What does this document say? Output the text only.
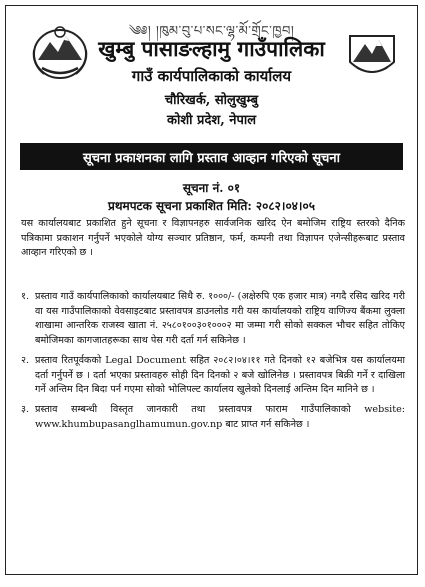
༄༅། །ཁུམ་བུ་པ་སང་ལྷ་མོ་གྲོང་ཁྱབ།
खुम्बु पासाङल्हामु गाउँपालिका
गाउँ कार्यपालिकाको कार्यालय
चौरिखर्क, सोलुखुम्बु
कोशी प्रदेश, नेपाल
सूचना प्रकाशनका लागि प्रस्ताव आव्हान गरिएको सूचना
सूचना नं. ०१
प्रथमपटक सूचना प्रकाशित मिति: २०८२।०४।०५
यस कार्यालयबाट प्रकाशित हुने सूचना र विज्ञापनहरु सार्वजनिक खरिद ऐन बमोजिम राष्ट्रिय स्तरको दैनिक पत्रिकामा प्रकाशन गर्नुपर्ने भएकोले योग्य सञ्चार प्रतिष्ठान, फर्म, कम्पनी तथा विज्ञापन एजेन्सीहरूबाट प्रस्ताव आव्हान गरिएको छ ।
१. प्रस्ताव गाउँ कार्यपालिकाको कार्यालयबाट सिधै रु. १०००/- (अक्षेरुपि एक हजार मात्र) नगदै रसिद खरिद गरी वा यस गाउँपालिकाको वेवसाइटबाट प्रस्तावपत्र डाउनलोड गरी यस कार्यालयको राष्ट्रिय वाणिज्य बैंकमा लुक्ला शाखामा आन्तरिक राजस्व खाता नं. २५८०१००३०१०००२ मा जम्मा गरी सोको सक्कल भौचर सहित तोकिए बमोजिमका कागजातहरूका साथ पेस गरी दर्ता गर्न सकिनेछ ।
२. प्रस्ताव रितपूर्वकको Legal Document सहित २०८२।०४।११ गते दिनको १२ बजेभित्र यस कार्यालयमा दर्ता गर्नुपर्ने छ । दर्ता भएका प्रस्तावहरु सोही दिन दिनको २ बजे खोलिनेछ । प्रस्तावपत्र बिक्री गर्ने र दाखिला गर्ने अन्तिम दिन बिदा पर्न गएमा सोको भोलिपल्ट कार्यालय खुलेको दिनलाई अन्तिम दिन मानिने छ ।
३. प्रस्ताव सम्बन्धी विस्तृत जानकारी तथा प्रस्तावपत्र फाराम गाउँपालिकाको website: www.khumbupasanglhamumun.gov.np बाट प्राप्त गर्न सकिनेछ ।
